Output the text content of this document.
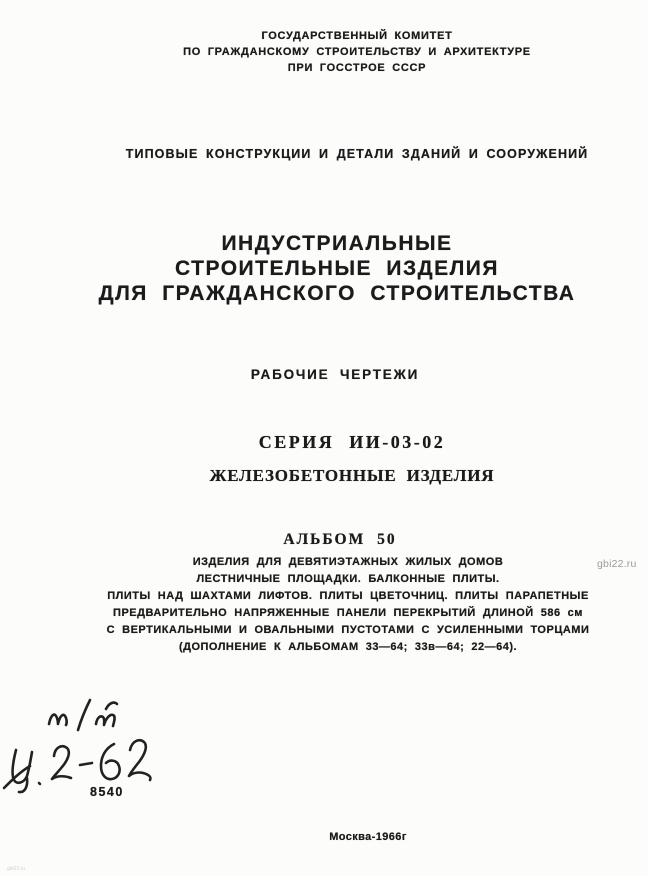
ГОСУДАРСТВЕННЫЙ КОМИТЕТ
ПО ГРАЖДАНСКОМУ СТРОИТЕЛЬСТВУ И АРХИТЕКТУРЕ
ПРИ ГОССТРОЕ СССР
ТИПОВЫЕ КОНСТРУКЦИИ И ДЕТАЛИ ЗДАНИЙ И СООРУЖЕНИЙ
ИНДУСТРИАЛЬНЫЕ
СТРОИТЕЛЬНЫЕ ИЗДЕЛИЯ
ДЛЯ ГРАЖДАНСКОГО СТРОИТЕЛЬСТВА
РАБОЧИЕ ЧЕРТЕЖИ
СЕРИЯ ИИ-03-02
ЖЕЛЕЗОБЕТОННЫЕ ИЗДЕЛИЯ
АЛЬБОМ 50
ИЗДЕЛИЯ ДЛЯ ДЕВЯТИЭТАЖНЫХ ЖИЛЫХ ДОМОВ
ЛЕСТНИЧНЫЕ ПЛОЩАДКИ. БАЛКОННЫЕ ПЛИТЫ.
ПЛИТЫ НАД ШАХТАМИ ЛИФТОВ. ПЛИТЫ ЦВЕТОЧНИЦ. ПЛИТЫ ПАРАПЕТНЫЕ
ПРЕДВАРИТЕЛЬНО НАПРЯЖЕННЫЕ ПАНЕЛИ ПЕРЕКРЫТИЙ ДЛИНОЙ 586 см
С ВЕРТИКАЛЬНЫМИ И ОВАЛЬНЫМИ ПУСТОТАМИ С УСИЛЕННЫМИ ТОРЦАМИ
(ДОПОЛНЕНИЕ К АЛЬБОМАМ 33—64; 33в—64; 22—64).
gbi22.ru
8540
Москва-1966г
gbi22.ru
